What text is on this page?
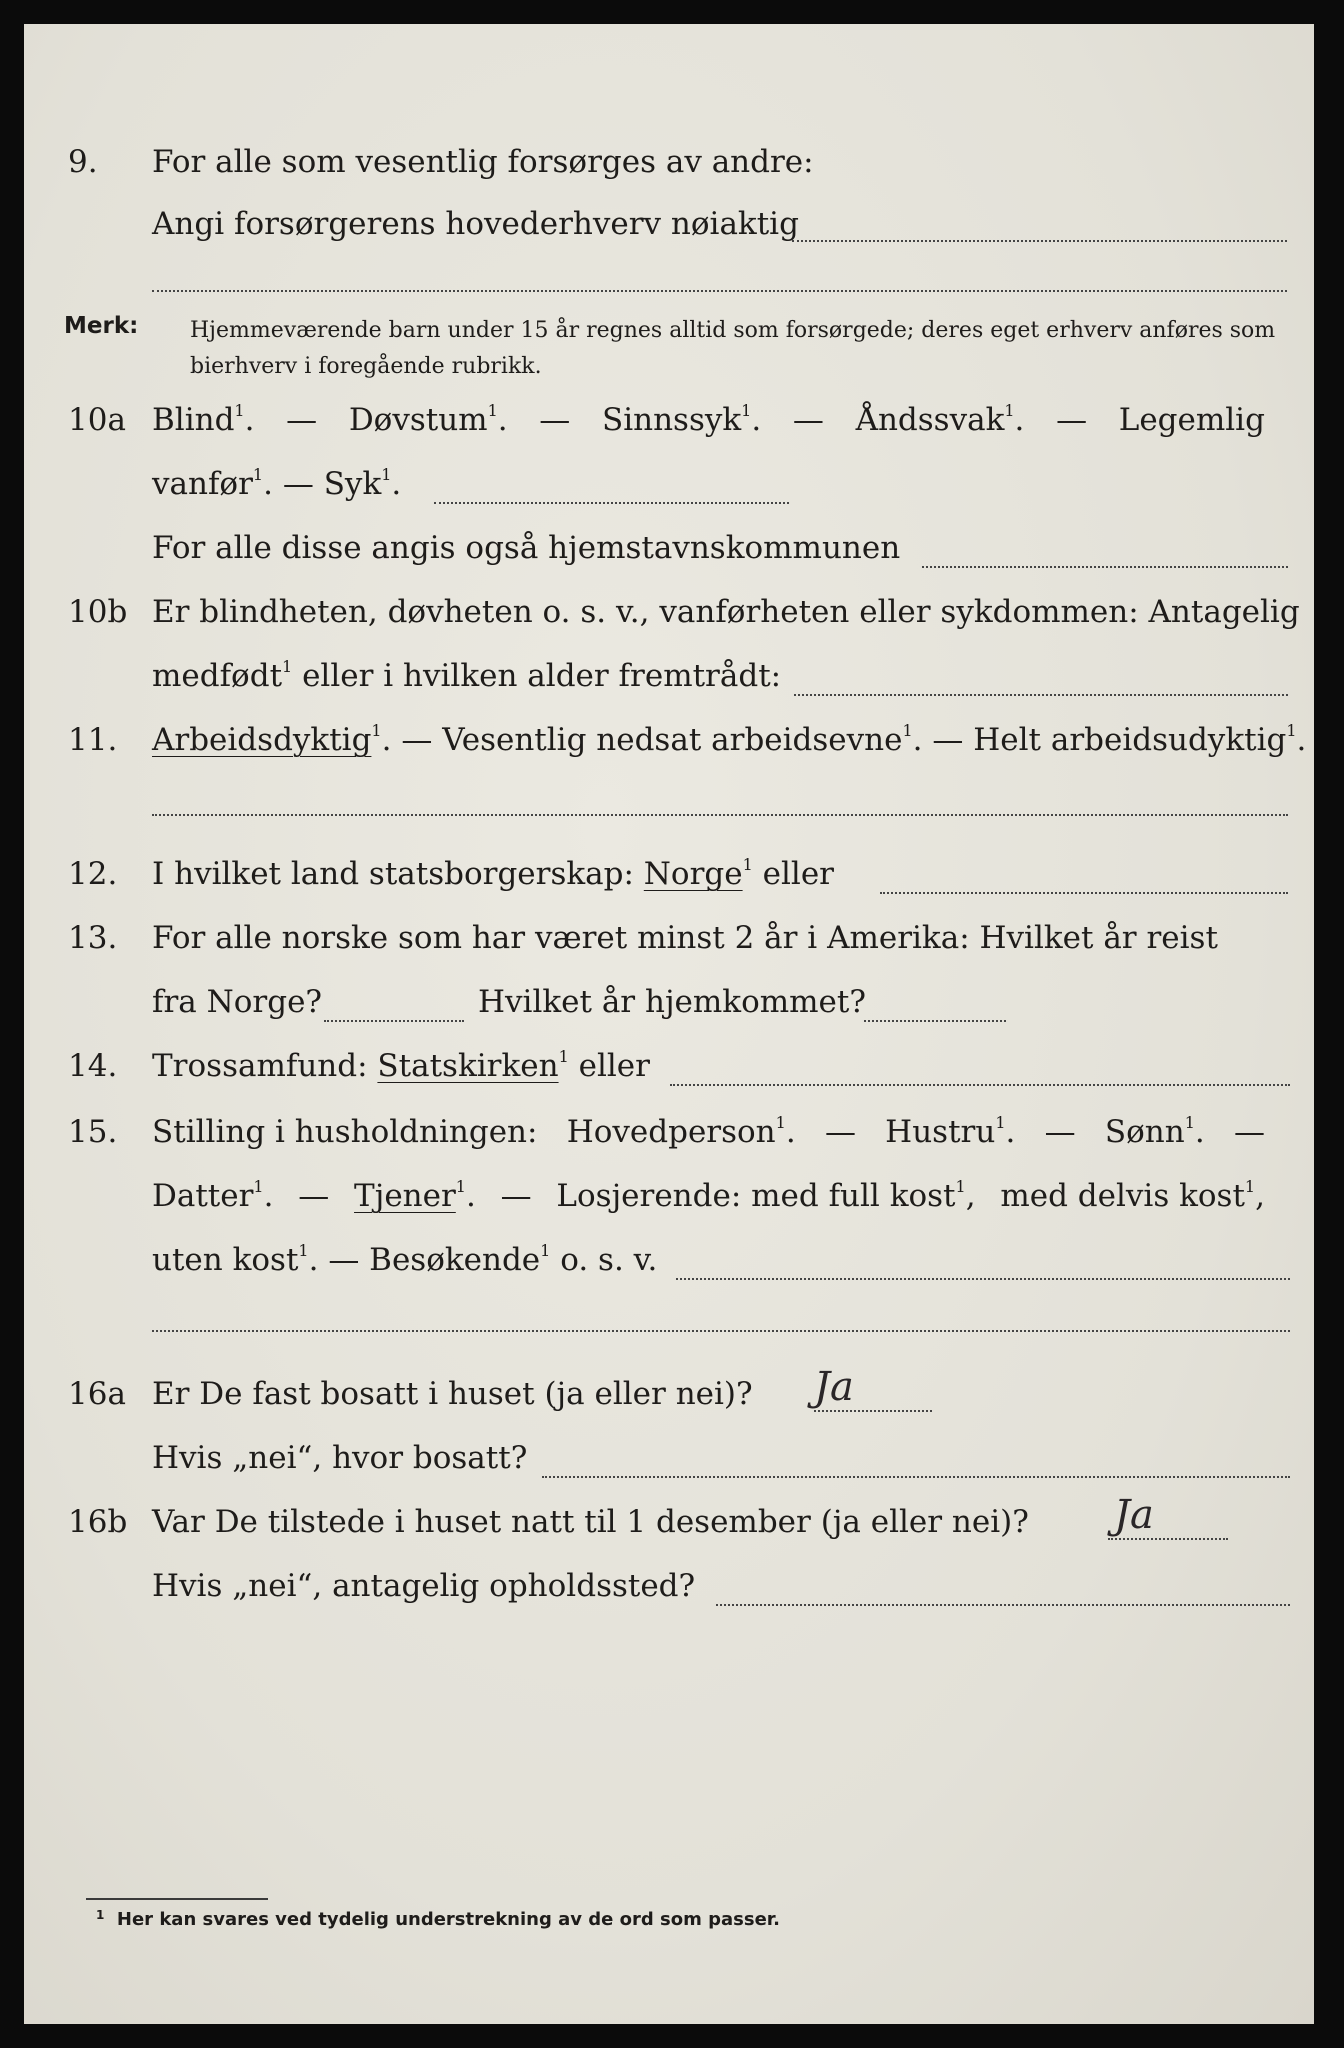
9. For alle som vesentlig forsørges av andre:
Angi forsørgerens hovederhverv nøiaktig
Merk: Hjemmeværende barn under 15 år regnes alltid som forsørgede; deres eget erhverv anføres som bierhverv i foregående rubrikk.
10a Blind$^1$. — Døvstum$^1$. — Sinnssyk$^1$. — Åndssvak$^1$. — Legemlig
vanfør$^1$. — Syk$^1$.
For alle disse angis også hjemstavnskommunen
10b Er blindheten, døvheten o. s. v., vanførheten eller sykdommen: Antagelig
medfødt$^1$ eller i hvilken alder fremtrådt:
11. Arbeidsdyktig$^1$. — Vesentlig nedsat arbeidsevne$^1$. — Helt arbeidsudyktig$^1$.
12. I hvilket land statsborgerskap: Norge$^1$ eller
13. For alle norske som har været minst 2 år i Amerika: Hvilket år reist
fra Norge?	Hvilket år hjemkommet?
14. Trossamfund: Statskirken$^1$ eller
15. Stilling i husholdningen: Hovedperson$^1$. — Hustru$^1$. — Sønn$^1$. —
Datter$^1$. — Tjener$^1$. — Losjerende: med full kost$^1$, med delvis kost$^1$,
uten kost$^1$. — Besøkende$^1$ o. s. v.
16a Er De fast bosatt i huset (ja eller nei)? Ja
Hvis „nei“, hvor bosatt?
16b Var De tilstede i huset natt til 1 desember (ja eller nei)? Ja
Hvis „nei“, antagelig opholdssted?
$^1$ Her kan svares ved tydelig understrekning av de ord som passer.
